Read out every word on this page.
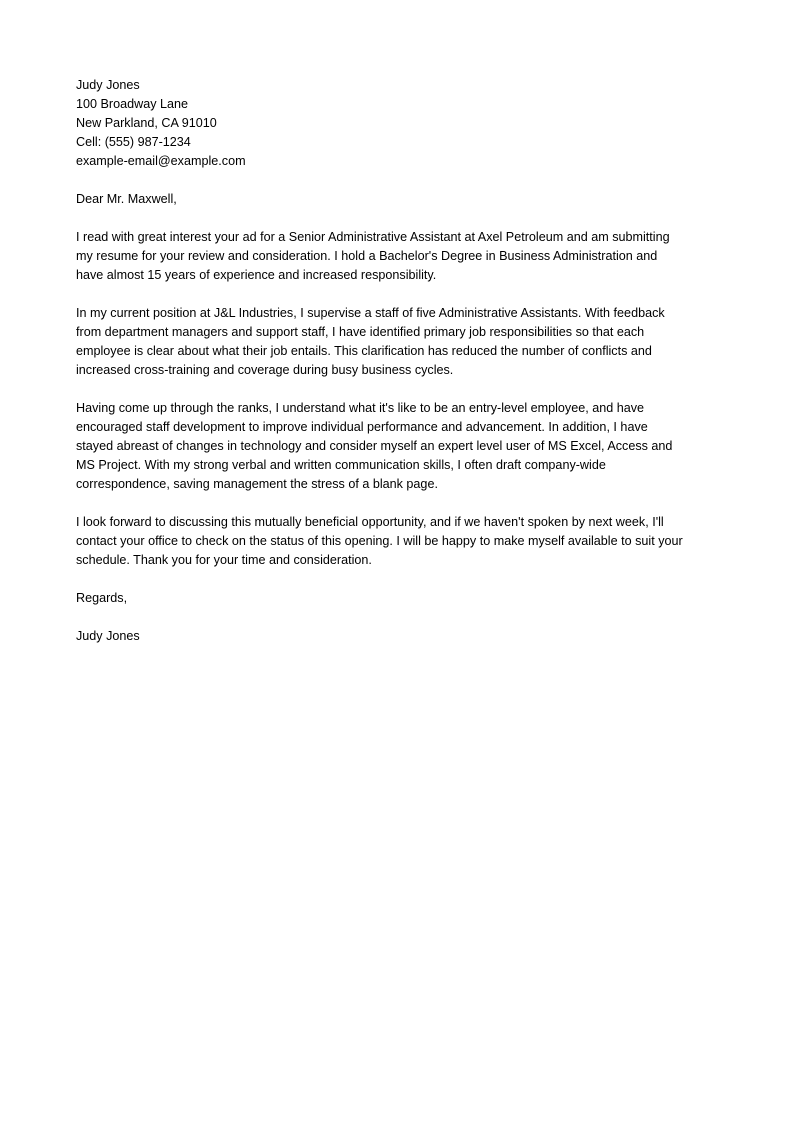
Judy Jones
100 Broadway Lane
New Parkland, CA 91010
Cell: (555) 987-1234
example-email@example.com
Dear Mr. Maxwell,
I read with great interest your ad for a Senior Administrative Assistant at Axel Petroleum and am submitting
my resume for your review and consideration. I hold a Bachelor's Degree in Business Administration and
have almost 15 years of experience and increased responsibility.
In my current position at J&L Industries, I supervise a staff of five Administrative Assistants. With feedback
from department managers and support staff, I have identified primary job responsibilities so that each
employee is clear about what their job entails. This clarification has reduced the number of conflicts and
increased cross-training and coverage during busy business cycles.
Having come up through the ranks, I understand what it's like to be an entry-level employee, and have
encouraged staff development to improve individual performance and advancement. In addition, I have
stayed abreast of changes in technology and consider myself an expert level user of MS Excel, Access and
MS Project. With my strong verbal and written communication skills, I often draft company-wide
correspondence, saving management the stress of a blank page.
I look forward to discussing this mutually beneficial opportunity, and if we haven't spoken by next week, I'll
contact your office to check on the status of this opening. I will be happy to make myself available to suit your
schedule. Thank you for your time and consideration.
Regards,
Judy Jones
